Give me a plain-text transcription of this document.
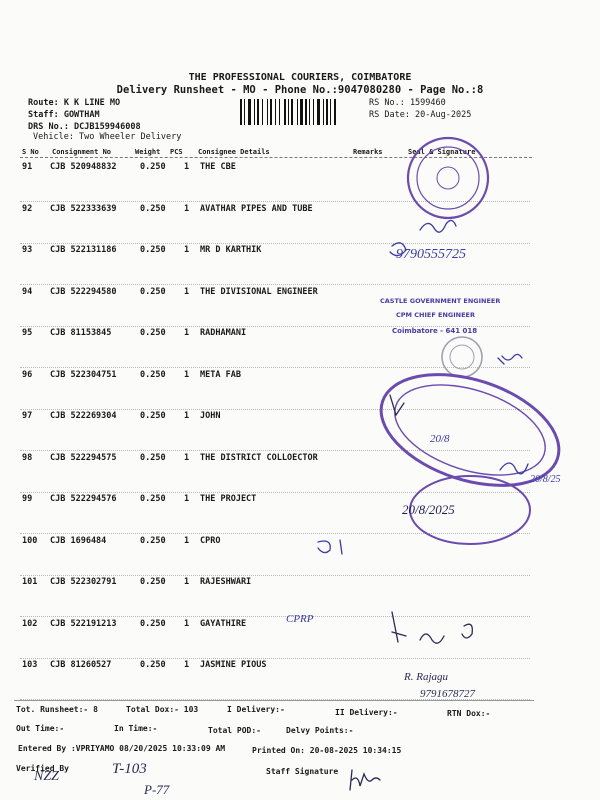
THE PROFESSIONAL COURIERS, COIMBATORE
Delivery Runsheet - MO - Phone No.:9047080280 - Page No.:8
Route: K K LINE MO
Staff: GOWTHAM
DRS No.: DCJB159946008
Vehicle: Two Wheeler Delivery
RS No.: 1599460
RS Date: 20-Aug-2025
S No Consignment No	Weight PCS Consignee Details	Remarks	Seal & Signature
91 CJB 520948832	0.250 1 THE CBE
92 CJB 522333639	0.250 1 AVATHAR PIPES AND TUBE
93 CJB 522131186	0.250 1 MR D KARTHIK
94 CJB 522294580	0.250 1 THE DIVISIONAL ENGINEER
95 CJB 81153845	0.250 1 RADHAMANI
96 CJB 522304751	0.250 1 META FAB
97 CJB 522269304	0.250 1 JOHN
98 CJB 522294575	0.250 1 THE DISTRICT COLLOECTOR
99 CJB 522294576	0.250 1 THE PROJECT
100 CJB 1696484	0.250 1 CPRO
101 CJB 522302791	0.250 1 RAJESHWARI
102 CJB 522191213	0.250 1 GAYATHIRE
103 CJB 81260527	0.250 1 JASMINE PIOUS
Tot. Runsheet:- 8	Total Dox:- 103	I Delivery:-	II Delivery:-	RTN Dox:-
Out Time:-	In Time:-	Total POD:-	Delvy Points:-
Entered By :VPRIYAMO 08/20/2025 10:33:09 AM	Printed On: 20-08-2025 10:34:15
Verified By	Staff Signature
9790555725
CASTLE GOVERNMENT ENGINEER
CPM CHIEF ENGINEER
Coimbatore - 641 018
20/8
20/8/25
20/8/2025
CPRP
R. Rajagu
9791678727
NZZ	T-103
P-77
